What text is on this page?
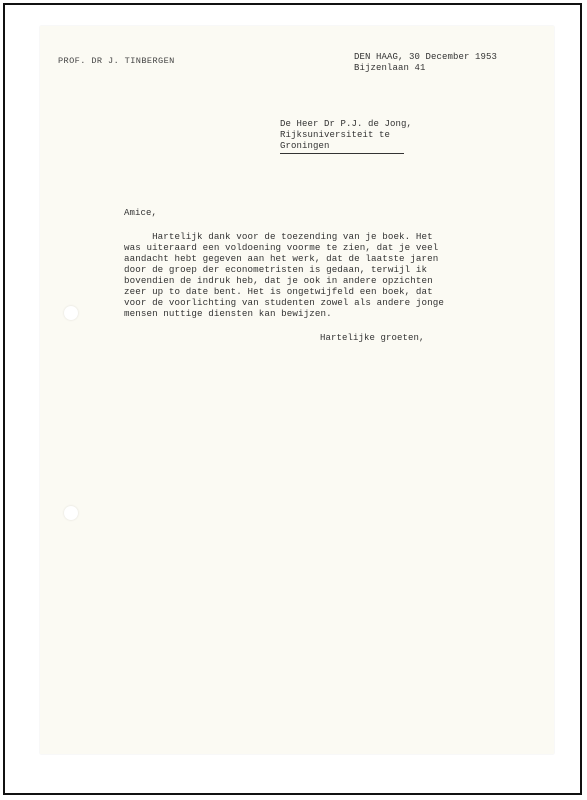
PROF. DR J. TINBERGEN	DEN HAAG, 30 December 1953
Bijzenlaan 41
De Heer Dr P.J. de Jong,
Rijksuniversiteit te
Groningen
Amice,
Hartelijk dank voor de toezending van je boek. Het
was uiteraard een voldoening voorme te zien, dat je veel
aandacht hebt gegeven aan het werk, dat de laatste jaren
door de groep der econometristen is gedaan, terwijl ik
bovendien de indruk heb, dat je ook in andere opzichten
zeer up to date bent. Het is ongetwijfeld een boek, dat
voor de voorlichting van studenten zowel als andere jonge
mensen nuttige diensten kan bewijzen.
Hartelijke groeten,
